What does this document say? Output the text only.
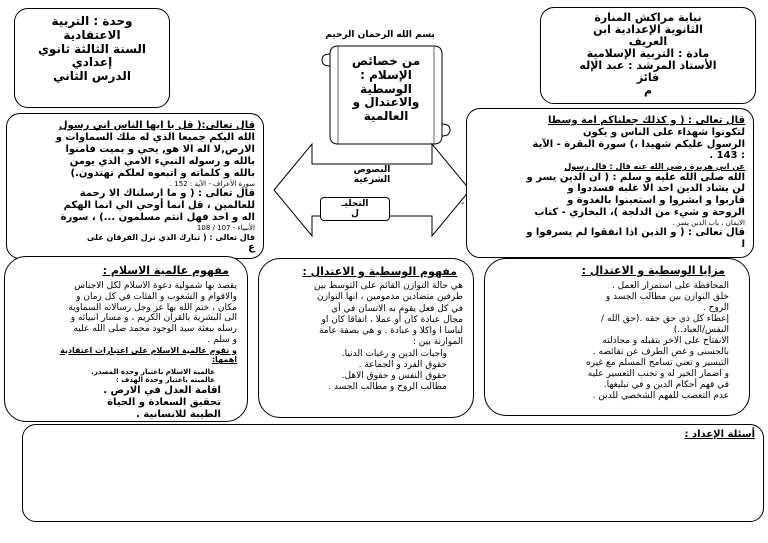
وحدة : التربية
الاعتقادية
السنة الثالثة ثانوي
إعدادي
الدرس الثاني
بسم الله الرحمان الرحيم
نيابة مراكش المنارة
الثانوية الإعدادية ابن
العريف
مادة : التربية الإسلامية
الأستاذ المرشد : عبد الإله
فائز
م
من خصائص
الإسلام :
الوسطية
والاعتدال و
العالمية
النصوص
الشرعية
التحليـ
ل
قال تعالى:( قل يا ايها الناس اني رسول
الله اليكم جميعا الذي له ملك السماوات و
الارض,لا اله الا هو, يحي و يميت فامنوا
بالله و رسوله النبيء الامي الذي يومن
بالله و كلماته و اتبعوه لعلكم تهتدون.)
سورة الأعراف - الآية : 152 .
قال تعالى : ( و ما ارسلناك الا رحمة
للعالمين ، قل انما أوحي الي انما الهكم
اله و احد فهل انتم مسلمون ...) ، سورة
الأنبياء - 107 / 108
قال تعالى : ( تبارك الذي نزل الفرقان على
ع
قال تعالى : ( و كذلك جعلناكم امة وسطا
لتكونوا شهداء على الناس و يكون
الرسول عليكم شهيدا ،) سورة البقرة - الآية
: 143 .
عن ابي هريرة رضي الله عنه قال : قال رسول
الله صلى الله عليه و سلم : ( ان الدين يسر و
لن يشاد الدين احد الا غلبه فسددوا و
قاربوا و ابشروا و استعينوا بالغدوة و
الروحة و شيء من الدلجة )، البخاري - كتاب
الايمان ، باب الدين يسر .
قال تعالى : ( و الذين اذا انفقوا لم يسرفوا و
ا
-
مزايا الوسطية و الاعتدال :
المحافظة على استمرار العمل .
خلق التوازن بين مطالب الجسد و
الروح .
إعطاء كل ذي حق حقه .(حق الله /
النفس/العباد..)
الانفتاح على الاخر بتقبله و مجادلته
بالحسنى و غض الطرف عن نقائصه .
التيسير و تعني تسامح المسلم مع غيره
و اضمار الخير له و تجنب التعسير عليه
في فهم أحكام الدين و في تبليغها.
عدم التعصب للفهم الشخصي للدين .
مفهوم الوسطية و الاعتدال :
هي حالة التوازن القائم على التوسط بين
طرفين متضادين مذمومين ، انها التوازن
في كل فعل يقوم به الانسان في أي
مجال عبادة كان أو عملا ، انفاقا كان او
لباسا ا واكلا و عبادة . و هي بصفة عامة
الموازنة بين :
واجبات الدين و رغبات الدنيا.
حقوق الفرد و الجماعة .
حقوق النفس و حقوق الاهل.
مطالب الروح و مطالب الجسد .
مفهوم عالمية الاسلام :
يقصد بها شمولية دعوة الاسلام لكل الاجناس
والاقوام و الشعوب و الفئات في كل زمان و
مكان ، ختم الله بها عز وجل رسالاته السماوية
الى البشرية بالقران الكريم ، و مسار انبيائه و
رسله ببعثة سيد الوجود محمد صلى الله عليه
و سلم .
و تقوم عالمية الاسلام على اعتبارات اعتقادية
اهمها:
عالمية الاسلام باعتبار وحدة المصدر.
عالميته باعتبار وحدة الهدف :
اقامة العدل في الارض .
تحقيق السعادة و الحياة
الطيبة للانسانية .
أسئلة الإعداد :
